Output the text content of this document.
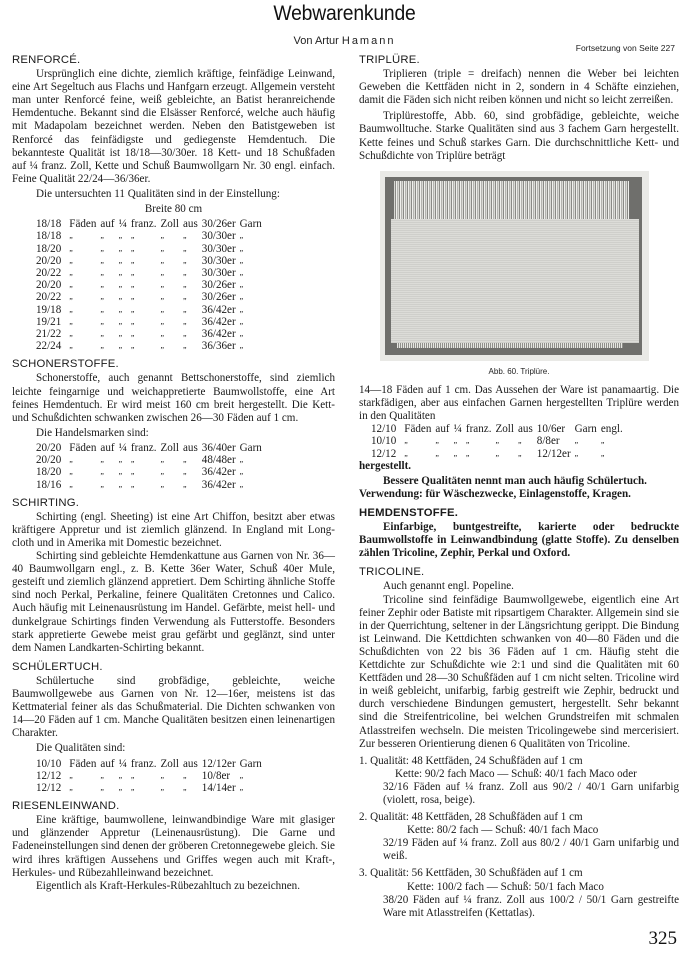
Webwarenkunde
Von Artur Hamann
Fortsetzung von Seite 227
RENFORCÉ.

Ursprünglich eine dichte, ziemlich kräftige, feinfädige Leinwand, eine Art Segeltuch aus Flachs und Hanfgarn erzeugt. Allgemein versteht man unter Renforcé feine, weiß gebleichte, an Batist heranreichende Hemdentuche. Bekannt sind die Elsässer Renforcé, welche auch häufig mit Madapolam bezeichnet werden. Neben den Batistgeweben ist Renforcé das feinfädigste und gediegenste Hemdentuch. Die bekannteste Qualität ist 18/18—30/30er. 18 Kett- und 18 Schußfaden auf ¼ franz. Zoll, Kette und Schuß Baumwollgarn Nr. 30 engl. einfach. Feine Qualität 22/24—36/36er.

Die untersuchten 11 Qualitäten sind in der Einstellung:

Breite 80 cm

18/18	Fäden	auf	¼	franz.	Zoll	aus	30/26er	Garn
18/18	„	„	„	„	„	„	30/30er	„
18/20	„	„	„	„	„	„	30/30er	„
20/20	„	„	„	„	„	„	30/30er	„
20/22	„	„	„	„	„	„	30/30er	„
20/20	„	„	„	„	„	„	30/26er	„
20/22	„	„	„	„	„	„	30/26er	„
19/18	„	„	„	„	„	„	36/42er	„
19/21	„	„	„	„	„	„	36/42er	„
21/22	„	„	„	„	„	„	36/42er	„
22/24	„	„	„	„	„	„	36/36er	„
SCHONERSTOFFE.

Schonerstoffe, auch genannt Bettschonerstoffe, sind ziemlich leichte feingarnige und weichappretierte Baumwollstoffe, eine Art feines Hemdentuch. Er wird meist 160 cm breit hergestellt. Die Kett- und Schußdichten schwanken zwischen 26—30 Fäden auf 1 cm.

Die Handelsmarken sind:

20/20	Fäden	auf	¼	franz.	Zoll	aus	36/40er	Garn
20/20	„	„	„	„	„	„	48/48er	„
18/20	„	„	„	„	„	„	36/42er	„
18/16	„	„	„	„	„	„	36/42er	„
SCHIRTING.

Schirting (engl. Sheeting) ist eine Art Chiffon, besitzt aber etwas kräftigere Appretur und ist ziemlich glänzend. In England mit Long-cloth und in Amerika mit Domestic bezeichnet.

Schirting sind gebleichte Hemdenkattune aus Garnen von Nr. 36—40 Baumwollgarn engl., z. B. Kette 36er Water, Schuß 40er Mule, gesteift und ziemlich glänzend appretiert. Dem Schirting ähnliche Stoffe sind noch Perkal, Perkaline, feinere Qualitäten Cretonnes und Calico. Auch häufig mit Leinenausrüstung im Handel. Gefärbte, meist hell- und dunkelgraue Schirtings finden Verwendung als Futterstoffe. Besonders stark appretierte Gewebe meist grau gefärbt und geglänzt, sind unter dem Namen Landkarten-Schirting bekannt.

SCHÜLERTUCH.

Schülertuche sind grobfädige, gebleichte, weiche Baumwollgewebe aus Garnen von Nr. 12—16er, meistens ist das Kettmaterial feiner als das Schußmaterial. Die Dichten schwanken von 14—20 Fäden auf 1 cm. Manche Qualitäten besitzen einen leinenartigen Charakter.

Die Qualitäten sind:

10/10	Fäden	auf	¼	franz.	Zoll	aus	12/12er	Garn
12/12	„	„	„	„	„	„	10/8er	„
12/12	„	„	„	„	„	„	14/14er	„
RIESENLEINWAND.

Eine kräftige, baumwollene, leinwandbindige Ware mit glasiger und glänzender Appretur (Leinenausrüstung). Die Garne und Fadeneinstellungen sind denen der gröberen Cretonnegewebe gleich. Sie wird ihres kräftigen Aussehens und Griffes wegen auch mit Kraft-, Herkules- und Rübezahlleinwand bezeichnet.

Eigentlich als Kraft-Herkules-Rübezahltuch zu bezeichnen.

TRIPLÜRE.

Triplieren (triple = dreifach) nennen die Weber bei leichten Geweben die Kettfäden nicht in 2, sondern in 4 Schäfte einziehen, damit die Fäden sich nicht reiben können und nicht so leicht zerreißen.

Triplürestoffe, Abb. 60, sind grobfädige, gebleichte, weiche Baumwolltuche. Starke Qualitäten sind aus 3 fachem Garn hergestellt. Kette feines und Schuß starkes Garn. Die durchschnittliche Kett- und Schußdichte von Triplüre beträgt

Abb. 60. Triplüre.

14—18 Fäden auf 1 cm. Das Aussehen der Ware ist panamaartig. Die starkfädigen, aber aus einfachen Garnen hergestellten Triplüre werden in den Qualitäten

12/10	Fäden	auf	¼	franz.	Zoll	aus	10/6er	Garn	engl.
10/10	„	„	„	„	„	„	8/8er	„	„
12/12	„	„	„	„	„	„	12/12er	„	„

hergestellt.

Bessere Qualitäten nennt man auch häufig Schülertuch.

Verwendung: für Wäschezwecke, Einlagenstoffe, Kragen.

HEMDENSTOFFE.

Einfarbige, buntgestreifte, karierte oder bedruckte Baumwollstoffe in Leinwandbindung (glatte Stoffe). Zu denselben zählen Tricoline, Zephir, Perkal und Oxford.

TRICOLINE.

Auch genannt engl. Popeline.

Tricoline sind feinfädige Baumwollgewebe, eigentlich eine Art feiner Zephir oder Batiste mit ripsartigem Charakter. Allgemein sind sie in der Querrichtung, seltener in der Längsrichtung gerippt. Die Bindung ist Leinwand. Die Kettdichten schwanken von 40—80 Fäden und die Schußdichten von 22 bis 36 Fäden auf 1 cm. Häufig steht die Kettdichte zur Schußdichte wie 2:1 und sind die Qualitäten mit 60 Kettfäden und 28—30 Schußfäden auf 1 cm nicht selten. Tricoline wird in weiß gebleicht, unifarbig, farbig gestreift wie Zephir, bedruckt und durch verschiedene Bindungen gemustert, hergestellt. Sehr bekannt sind die Streifentricoline, bei welchen Grundstreifen mit schmalen Atlasstreifen wechseln. Die meisten Tricolingewebe sind mercerisiert. Zur besseren Orientierung dienen 6 Qualitäten von Tricoline.

1. Qualität: 48 Kettfäden, 24 Schußfäden auf 1 cm
Kette: 90/2 fach Maco — Schuß: 40/1 fach Maco oder
32/16 Fäden auf ¼ franz. Zoll aus 90/2 / 40/1 Garn unifarbig (violett, rosa, beige).
2. Qualität: 48 Kettfäden, 28 Schußfäden auf 1 cm
Kette: 80/2 fach — Schuß: 40/1 fach Maco
32/19 Fäden auf ¼ franz. Zoll aus 80/2 / 40/1 Garn unifarbig und weiß.
3. Qualität: 56 Kettfäden, 30 Schußfäden auf 1 cm
Kette: 100/2 fach — Schuß: 50/1 fach Maco
38/20 Fäden auf ¼ franz. Zoll aus 100/2 / 50/1 Garn gestreifte Ware mit Atlasstreifen (Kettatlas).
325
